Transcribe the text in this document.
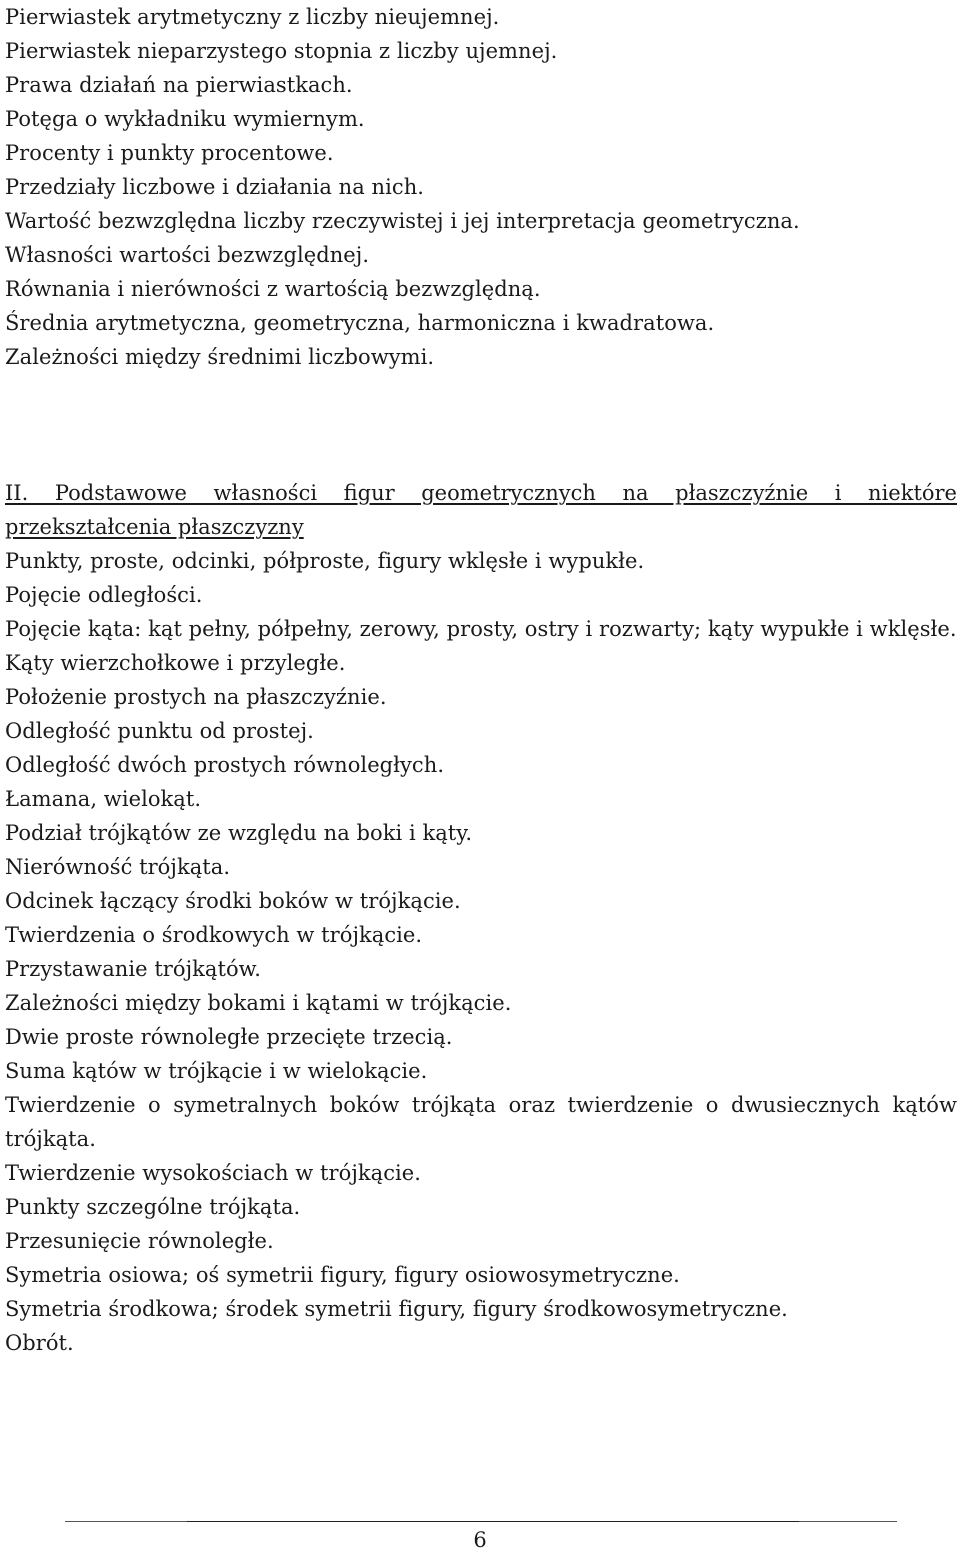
Pierwiastek arytmetyczny z liczby nieujemnej.
Pierwiastek nieparzystego stopnia z liczby ujemnej.
Prawa działań na pierwiastkach.
Potęga o wykładniku wymiernym.
Procenty i punkty procentowe.
Przedziały liczbowe i działania na nich.
Wartość bezwzględna liczby rzeczywistej i jej interpretacja geometryczna.
Własności wartości bezwzględnej.
Równania i nierówności z wartością bezwzględną.
Średnia arytmetyczna, geometryczna, harmoniczna i kwadratowa.
Zależności między średnimi liczbowymi.
II. Podstawowe własności figur geometrycznych na płaszczyźnie i niektóre przekształcenia płaszczyzny
Punkty, proste, odcinki, półproste, figury wklęsłe i wypukłe.
Pojęcie odległości.
Pojęcie kąta: kąt pełny, półpełny, zerowy, prosty, ostry i rozwarty; kąty wypukłe i wklęsłe.
Kąty wierzchołkowe i przyległe.
Położenie prostych na płaszczyźnie.
Odległość punktu od prostej.
Odległość dwóch prostych równoległych.
Łamana, wielokąt.
Podział trójkątów ze względu na boki i kąty.
Nierówność trójkąta.
Odcinek łączący środki boków w trójkącie.
Twierdzenia o środkowych w trójkącie.
Przystawanie trójkątów.
Zależności między bokami i kątami w trójkącie.
Dwie proste równoległe przecięte trzecią.
Suma kątów w trójkącie i w wielokącie.
Twierdzenie o symetralnych boków trójkąta oraz twierdzenie o dwusiecznych kątów trójkąta.
Twierdzenie wysokościach w trójkącie.
Punkty szczególne trójkąta.
Przesunięcie równoległe.
Symetria osiowa; oś symetrii figury, figury osiowosymetryczne.
Symetria środkowa; środek symetrii figury, figury środkowosymetryczne.
Obrót.
6
